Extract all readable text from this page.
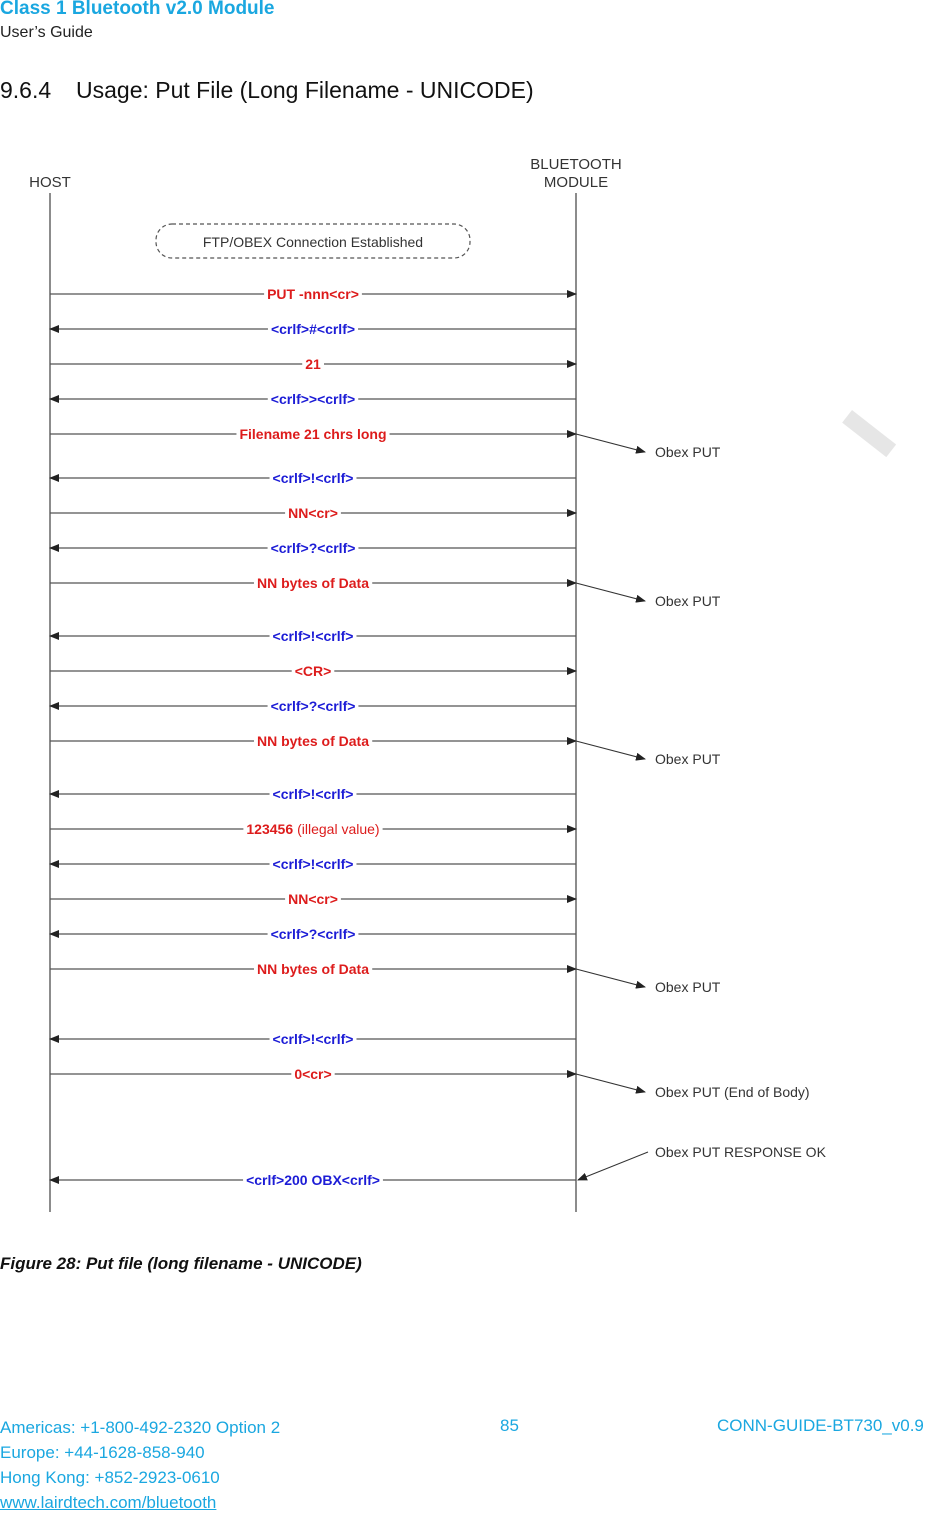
Class 1 Bluetooth v2.0 Module
User’s Guide
9.6.4 Usage: Put File (Long Filename - UNICODE)
HOST
BLUETOOTH
MODULE
FTP/OBEX Connection Established
PUT -nnn<cr>
<crlf>#<crlf>
21
<crlf>><crlf>
Filename 21 chrs long
<crlf>!<crlf>
NN<cr>
<crlf>?<crlf>
NN bytes of Data
<crlf>!<crlf>
<CR>
<crlf>?<crlf>
NN bytes of Data
<crlf>!<crlf>
123456 (illegal value)
<crlf>!<crlf>
NN<cr>
<crlf>?<crlf>
NN bytes of Data
<crlf>!<crlf>
0<cr>
<crlf>200 OBX<crlf>
Obex PUT
Obex PUT
Obex PUT
Obex PUT
Obex PUT (End of Body)
Obex PUT RESPONSE OK
Figure 28: Put file (long filename - UNICODE)
Americas: +1-800-492-2320 Option 2
Europe: +44-1628-858-940
Hong Kong: +852-2923-0610
www.lairdtech.com/bluetooth
85	CONN-GUIDE-BT730_v0.9
